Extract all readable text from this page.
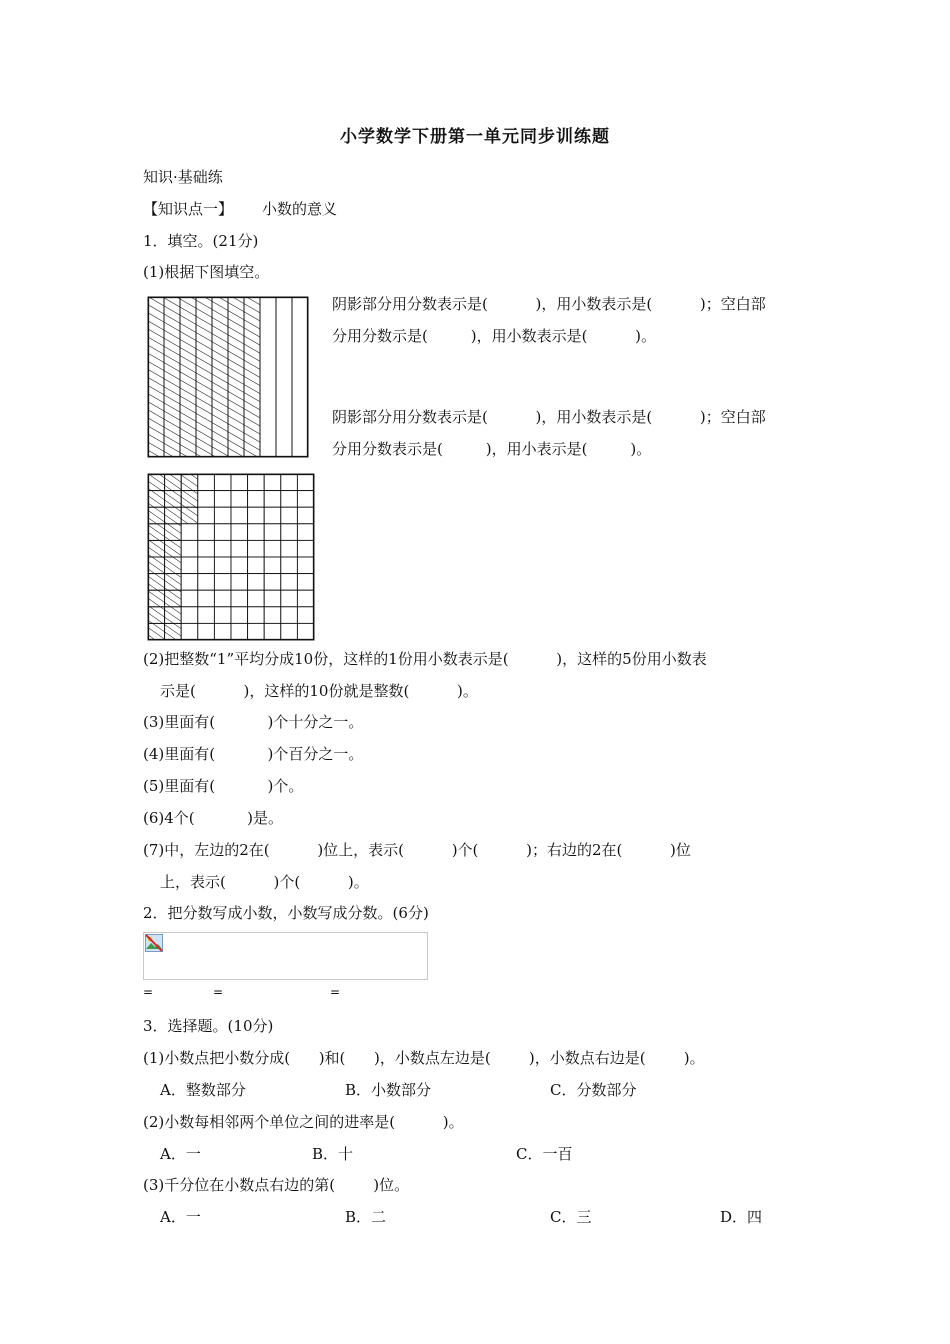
小学数学下册第一单元同步训练题
知识·基础练
【知识点一】 小数的意义
1．填空。(21分)
(1)根据下图填空。
阴影部分用分数表示是(          )，用小数表示是(          )；空白部
分用分数示是(         )，用小数表示是(          )。
阴影部分用分数表示是(          )，用小数表示是(          )；空白部
分用分数表示是(         )，用小表示是(         )。
(2)把整数“1”平均分成10份，这样的1份用小数表示是(          )，这样的5份用小数表
示是(          )，这样的10份就是整数(          )。
(3)里面有(           )个十分之一。
(4)里面有(           )个百分之一。
(5)里面有(           )个。
(6)4个(           )是。
(7)中，左边的2在(          )位上，表示(          )个(          )；右边的2在(          )位
上，表示(          )个(          )。
2．把分数写成小数，小数写成分数。(6分)
=	=	=
3．选择题。(10分)
(1)小数点把小数分成(      )和(      )，小数点左边是(        )，小数点右边是(        )。
A．整数部分	B．小数部分	C．分数部分
(2)小数每相邻两个单位之间的进率是(          )。
A．一	B．十	C．一百
(3)千分位在小数点右边的第(        )位。
A．一	B．二	C．三	D．四
